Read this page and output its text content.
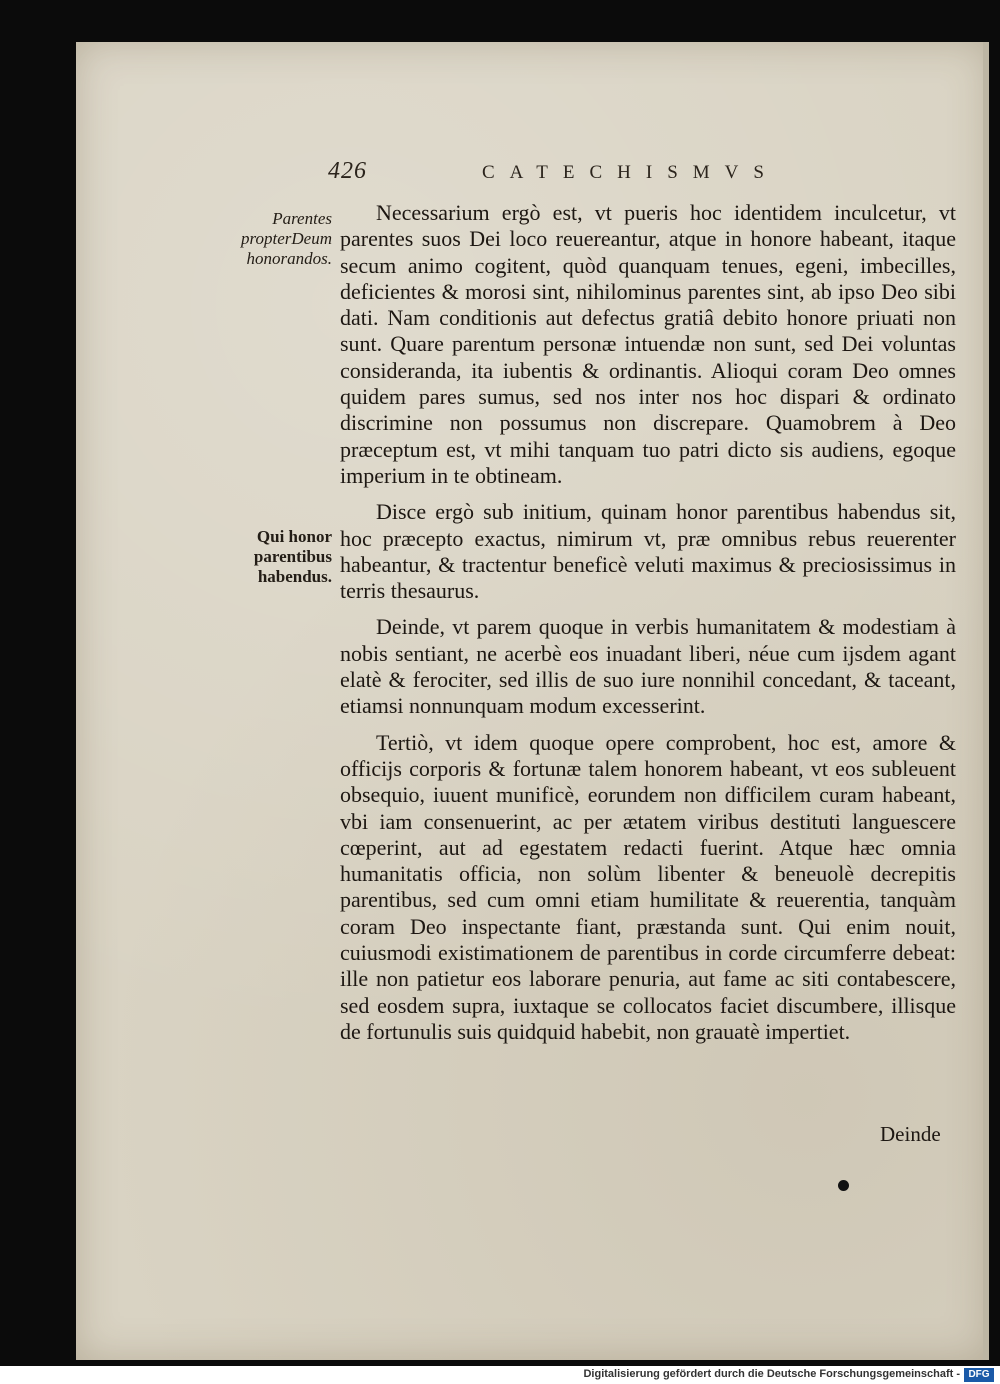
426	CATECHISMVS
Parentes propterDeum honorandos.
Qui honor parentibus habendus.

Necessarium ergò est, vt pueris hoc identidem inculcetur, vt parentes suos Dei loco reuereantur, atque in honore habeant, itaque secum animo cogitent, quòd quanquam tenues, egeni, imbecilles, deficientes & morosi sint, nihilominus parentes sint, ab ipso Deo sibi dati. Nam conditionis aut defectus gratiâ debito honore priuati non sunt. Quare parentum personæ intuendæ non sunt, sed Dei voluntas consideranda, ita iubentis & ordinantis. Alioqui coram Deo omnes quidem pares sumus, sed nos inter nos hoc dispari & ordinato discrimine non possumus non discrepare. Quamobrem à Deo præceptum est, vt mihi tanquam tuo patri dicto sis audiens, egoque imperium in te obtineam.

Disce ergò sub initium, quinam honor parentibus habendus sit, hoc præcepto exactus, nimirum vt, præ omnibus rebus reuerenter habeantur, & tractentur beneficè veluti maximus & preciosissimus in terris thesaurus.

Deinde, vt parem quoque in verbis humanitatem & modestiam à nobis sentiant, ne acerbè eos inuadant liberi, néue cum ijsdem agant elatè & ferociter, sed illis de suo iure nonnihil concedant, & taceant, etiamsi nonnunquam modum excesserint.

Tertiò, vt idem quoque opere comprobent, hoc est, amore & officijs corporis & fortunæ talem honorem habeant, vt eos subleuent obsequio, iuuent munificè, eorundem non difficilem curam habeant, vbi iam consenuerint, ac per ætatem viribus destituti languescere cœperint, aut ad egestatem redacti fuerint. Atque hæc omnia humanitatis officia, non solùm libenter & beneuolè decrepitis parentibus, sed cum omni etiam humilitate & reuerentia, tanquàm coram Deo inspectante fiant, præstanda sunt. Qui enim nouit, cuiusmodi existimationem de parentibus in corde circumferre debeat: ille non patietur eos laborare penuria, aut fame ac siti contabescere, sed eosdem supra, iuxtaque se collocatos faciet discumbere, illisque de fortunulis suis quidquid habebit, non grauatè impertiet.

Deinde
Digitalisierung gefördert durch die Deutsche Forschungsgemeinschaft - DFG
